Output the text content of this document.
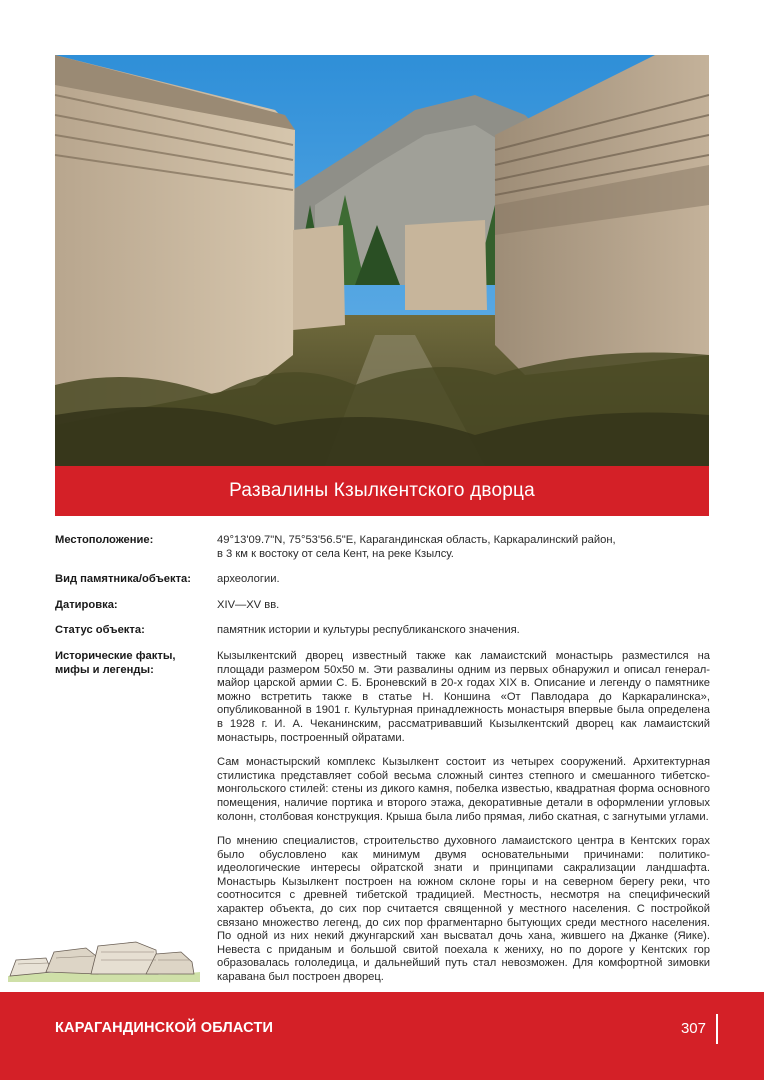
Развалины Кзылкентского дворца
Местоположение:	49°13'09.7"N, 75°53'56.5"E, Карагандинская область, Каркаралинский район,
в 3 км к востоку от села Кент, на реке Кзылсу.
Вид памятника/объекта:	археологии.
Датировка:	XIV—XV вв.
Статус объекта:	памятник истории и культуры республиканского значения.
Исторические факты,
мифы и легенды:

Кызылкентский дворец известный также как ламаистский монастырь разместился на площади размером 50х50 м. Эти развалины одним из первых обнаружил и описал генерал-майор царской армии С. Б. Броневский в 20-х годах XIX в. Описание и легенду о памятнике можно встретить также в статье Н. Коншина «От Павлодара до Каркаралинска», опубликованной в 1901 г. Культурная принадлежность монастыря впервые была определена в 1928 г. И. А. Чеканинским, рассматривавший Кызылкентский дворец как ламаистский монастырь, построенный ойратами.

Сам монастырский комплекс Кызылкент состоит из четырех сооружений. Архитектурная стилистика представляет собой весьма сложный синтез степного и смешанного тибетско-монгольского стилей: стены из дикого камня, побелка известью, квадратная форма основного помещения, наличие портика и второго этажа, декоративные детали в оформлении угловых колонн, столбовая конструкция. Крыша была либо прямая, либо скатная, с загнутыми углами.

По мнению специалистов, строительство духовного ламаистского центра в Кентских горах было обусловлено как минимум двумя основательными причинами: политико-идеологические интересы ойратской знати и принципами сакрализации ландшафта. Монастырь Кызылкент построен на южном склоне горы и на северном берегу реки, что соотносится с древней тибетской традицией. Местность, несмотря на специфический характер объекта, до сих пор считается священной у местного населения. С постройкой связано множество легенд, до сих пор фрагментарно бытующих среди местного населения. По одной из них некий джунгарский хан высватал дочь хана, жившего на Джанке (Яике). Невеста с приданым и большой свитой поехала к жениху, но по дороге у Кентских гор образовалась гололедица, и дальнейший путь стал невозможен. Для комфортной зимовки каравана был построен дворец.

КАРАГАНДИНСКОЙ ОБЛАСТИ	307
